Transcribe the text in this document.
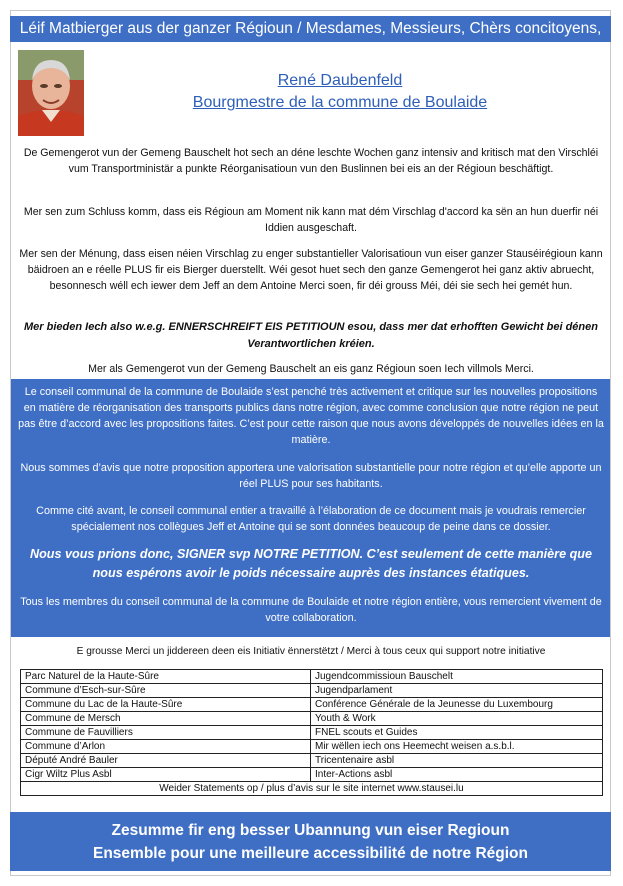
Léif Matbierger aus der ganzer Régioun / Mesdames, Messieurs, Chèrs concitoyens,
René Daubenfeld
Bourgmestre de la commune de Boulaide
De Gemengerot vun der Gemeng Bauschelt hot sech an déne leschte Wochen ganz intensiv and kritisch mat den Virschléi vum Transportministär a punkte Réorganisatioun vun den Buslinnen bei eis an der Régioun beschäftigt.
Mer sen zum Schluss komm, dass eis Régioun am Moment nik kann mat dém Virschlag d'accord ka sën an hun duerfir néi Iddien ausgeschaft.
Mer sen der Ménung, dass eisen néien Virschlag zu enger substantieller Valorisatioun vun eiser ganzer Stauséirégioun kann bäidroen an e réelle PLUS fir eis Bierger duerstellt. Wéi gesot huet sech den ganze Gemengerot hei ganz aktiv abruecht, besonnesch wéll ech iewer dem Jeff an dem Antoine Merci soen, fir déi grouss Méi, déi sie sech hei gemét hun.
Mer bieden Iech also w.e.g. ENNERSCHREIFT EIS PETITIOUN esou, dass mer dat erhofften Gewicht bei dénen Verantwortlichen kréien.
Mer als Gemengerot vun der Gemeng Bauschelt an eis ganz Régioun soen Iech villmols Merci.
Le conseil communal de la commune de Boulaide s’est penché très activement et critique sur les nouvelles propositions en matière de réorganisation des transports publics dans notre région, avec comme conclusion que notre région ne peut pas être d’accord avec les propositions faites. C’est pour cette raison que nous avons développés de nouvelles idées en la matière.
Nous sommes d’avis que notre proposition apportera une valorisation substantielle pour notre région et qu’elle apporte un réel PLUS pour ses habitants.
Comme cité avant, le conseil communal entier a travaillé à l’élaboration de ce document mais je voudrais remercier spécialement nos collègues Jeff et Antoine qui se sont données beaucoup de peine dans ce dossier.
Nous vous prions donc, SIGNER svp NOTRE PETITION. C’est seulement de cette manière que nous espérons avoir le poids nécessaire auprès des instances étatiques.
Tous les membres du conseil communal de la commune de Boulaide et notre région entière, vous remercient vivement de votre collaboration.
E grousse Merci un jiddereen deen eis Initiativ ënnerstëtzt / Merci à tous ceux qui support notre initiative
Parc Naturel de la Haute-Sûre	Jugendcommissioun Bauschelt
Commune d’Esch-sur-Sûre	Jugendparlament
Commune du Lac de la Haute-Sûre	Conférence Générale de la Jeunesse du Luxembourg
Commune de Mersch	Youth & Work
Commune de Fauvilliers	FNEL scouts et Guides
Commune d’Arlon	Mir wëllen iech ons Heemecht weisen a.s.b.l.
Député André Bauler	Tricentenaire asbl
Cigr Wiltz Plus Asbl	Inter-Actions asbl
Weider Statements op / plus d’avis sur le site internet www.stausei.lu	
Zesumme fir eng besser Ubannung vun eiser Regioun
Ensemble pour une meilleure accessibilité de notre Région
